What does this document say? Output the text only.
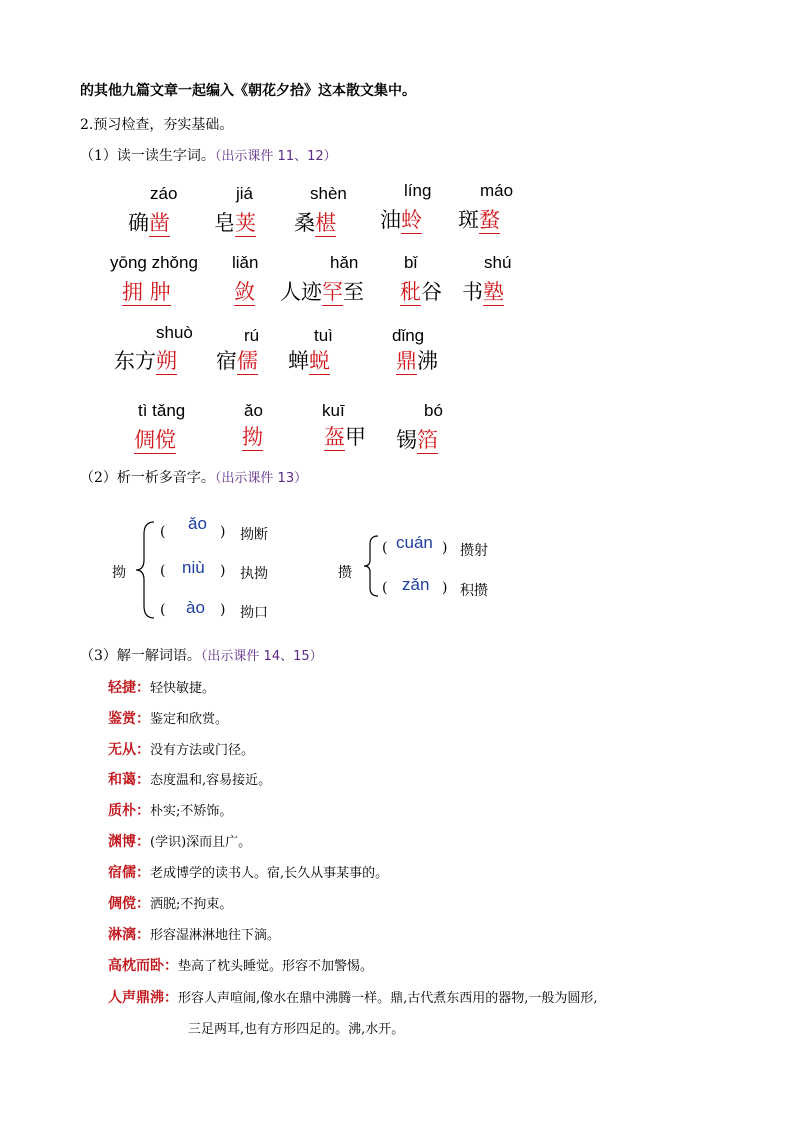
的其他九篇文章一起编入《朝花夕拾》这本散文集中。
2.预习检查，夯实基础。
（1）读一读生字词。（出示课件 11、12）
záo
确凿
jiá
皂荚
shèn
桑椹
líng
油蛉
máo
斑蝥
yōng zhǒng
拥 肿
liǎn
敛
hǎn
人迹罕至
bǐ
秕谷
shú
书塾
shuò
东方朔
rú
宿儒
tuì
蝉蜕
dǐng
鼎沸
tì tǎng
倜傥
ǎo
拗
kuī
盔甲
bó
锡箔
（2）析一析多音字。（出示课件 13）
拗
( ǎo ) 拗断
( niù ) 执拗
( ào ) 拗口
攒
( cuán ) 攒射
( zǎn ) 积攒
（3）解一解词语。（出示课件 14、15）
轻捷：轻快敏捷。
鉴赏：鉴定和欣赏。
无从：没有方法或门径。
和蔼：态度温和,容易接近。
质朴：朴实;不矫饰。
渊博：(学识)深而且广。
宿儒：老成博学的读书人。宿,长久从事某事的。
倜傥：洒脱;不拘束。
淋漓：形容湿淋淋地往下滴。
高枕而卧：垫高了枕头睡觉。形容不加警惕。
人声鼎沸：形容人声喧闹,像水在鼎中沸腾一样。鼎,古代煮东西用的器物,一般为圆形,
三足两耳,也有方形四足的。沸,水开。
